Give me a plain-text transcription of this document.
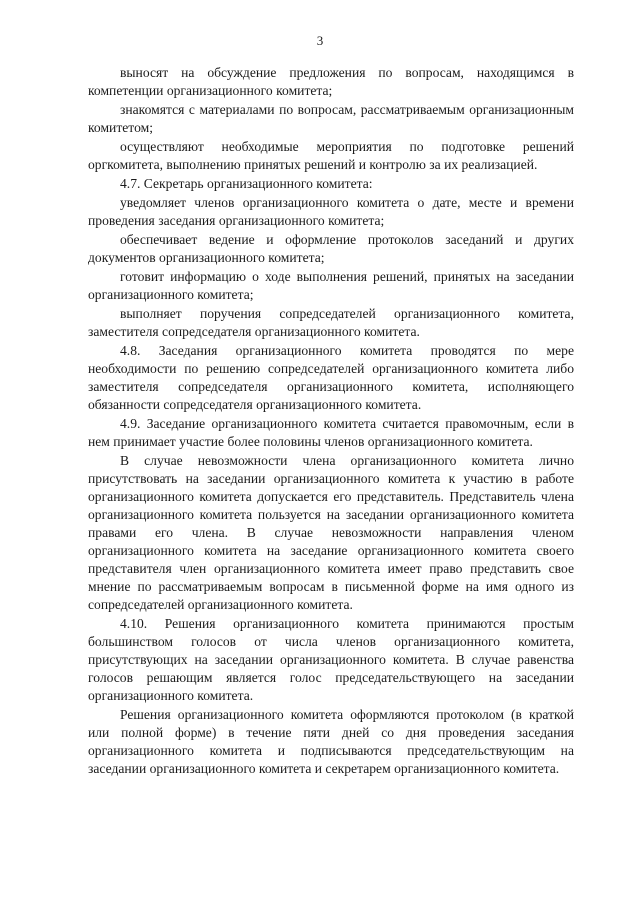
3

выносят на обсуждение предложения по вопросам, находящимся в компетенции организационного комитета;

знакомятся с материалами по вопросам, рассматриваемым организационным комитетом;

осуществляют необходимые мероприятия по подготовке решений оргкомитета, выполнению принятых решений и контролю за их реализацией.

4.7. Секретарь организационного комитета:

уведомляет членов организационного комитета о дате, месте и времени проведения заседания организационного комитета;

обеспечивает ведение и оформление протоколов заседаний и других документов организационного комитета;

готовит информацию о ходе выполнения решений, принятых на заседании организационного комитета;

выполняет поручения сопредседателей организационного комитета, заместителя сопредседателя организационного комитета.

4.8. Заседания организационного комитета проводятся по мере необходимости по решению сопредседателей организационного комитета либо заместителя сопредседателя организационного комитета, исполняющего обязанности сопредседателя организационного комитета.

4.9. Заседание организационного комитета считается правомочным, если в нем принимает участие более половины членов организационного комитета.

В случае невозможности члена организационного комитета лично присутствовать на заседании организационного комитета к участию в работе организационного комитета допускается его представитель. Представитель члена организационного комитета пользуется на заседании организационного комитета правами его члена. В случае невозможности направления членом организационного комитета на заседание организационного комитета своего представителя член организационного комитета имеет право представить свое мнение по рассматриваемым вопросам в письменной форме на имя одного из сопредседателей организационного комитета.

4.10. Решения организационного комитета принимаются простым большинством голосов от числа членов организационного комитета, присутствующих на заседании организационного комитета. В случае равенства голосов решающим является голос председательствующего на заседании организационного комитета.

Решения организационного комитета оформляются протоколом (в краткой или полной форме) в течение пяти дней со дня проведения заседания организационного комитета и подписываются председательствующим на заседании организационного комитета и секретарем организационного комитета.
